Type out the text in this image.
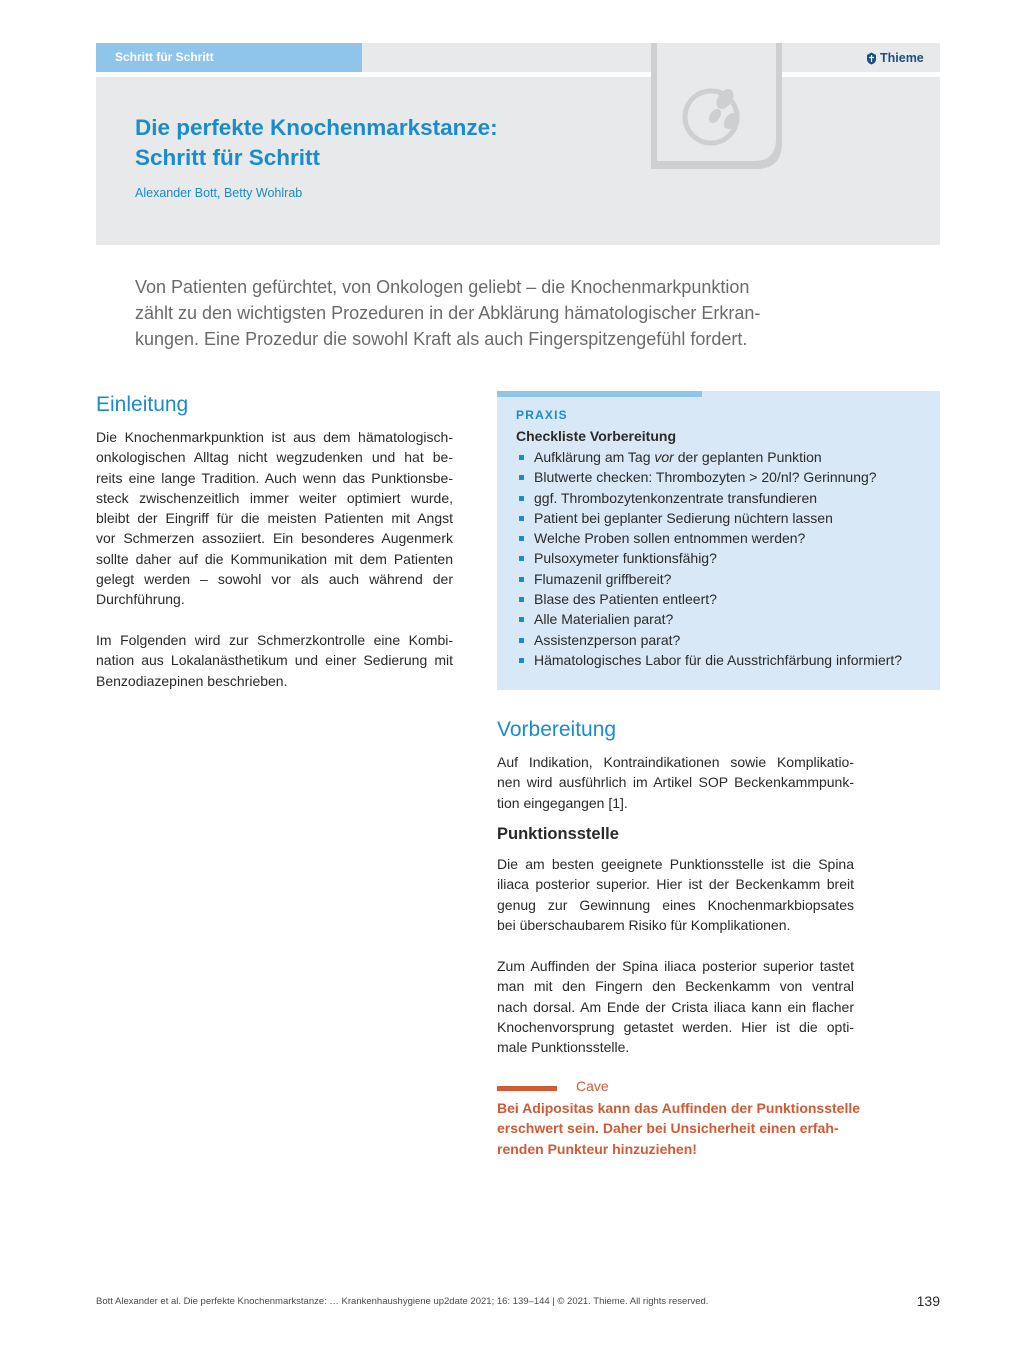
Schritt für Schritt	Thieme
Die perfekte Knochenmarkstanze:
Schritt für Schritt
Alexander Bott, Betty Wohlrab

Von Patienten gefürchtet, von Onkologen geliebt – die Knochenmarkpunktion
zählt zu den wichtigsten Prozeduren in der Abklärung hämatologischer Erkran-
kungen. Eine Prozedur die sowohl Kraft als auch Fingerspitzengefühl fordert.

Einleitung

Die Knochenmarkpunktion ist aus dem hämatologisch-
onkologischen Alltag nicht wegzudenken und hat be-
reits eine lange Tradition. Auch wenn das Punktionsbe-
steck zwischenzeitlich immer weiter optimiert wurde,
bleibt der Eingriff für die meisten Patienten mit Angst
vor Schmerzen assoziiert. Ein besonderes Augenmerk
sollte daher auf die Kommunikation mit dem Patienten
gelegt werden – sowohl vor als auch während der
Durchführung.

Im Folgenden wird zur Schmerzkontrolle eine Kombi-
nation aus Lokalanästhetikum und einer Sedierung mit
Benzodiazepinen beschrieben.

PRAXIS
Checkliste Vorbereitung
Aufklärung am Tag vor der geplanten Punktion
Blutwerte checken: Thrombozyten > 20/nl? Gerinnung?
ggf. Thrombozytenkonzentrate transfundieren
Patient bei geplanter Sedierung nüchtern lassen
Welche Proben sollen entnommen werden?
Pulsoxymeter funktionsfähig?
Flumazenil griffbereit?
Blase des Patienten entleert?
Alle Materialien parat?
Assistenzperson parat?
Hämatologisches Labor für die Ausstrichfärbung informiert?
Vorbereitung

Auf Indikation, Kontraindikationen sowie Komplikatio-
nen wird ausführlich im Artikel SOP Beckenkammpunk-
tion eingegangen [1].

Punktionsstelle

Die am besten geeignete Punktionsstelle ist die Spina
iliaca posterior superior. Hier ist der Beckenkamm breit
genug zur Gewinnung eines Knochenmarkbiopsates
bei überschaubarem Risiko für Komplikationen.

Zum Auffinden der Spina iliaca posterior superior tastet
man mit den Fingern den Beckenkamm von ventral
nach dorsal. Am Ende der Crista iliaca kann ein flacher
Knochenvorsprung getastet werden. Hier ist die opti-
male Punktionsstelle.

Cave

Bei Adipositas kann das Auffinden der Punktionsstelle
erschwert sein. Daher bei Unsicherheit einen erfah-
renden Punkteur hinzuziehen!

Bott Alexander et al. Die perfekte Knochenmarkstanze: … Krankenhaushygiene up2date 2021; 16: 139–144 | © 2021. Thieme. All rights reserved.	139
